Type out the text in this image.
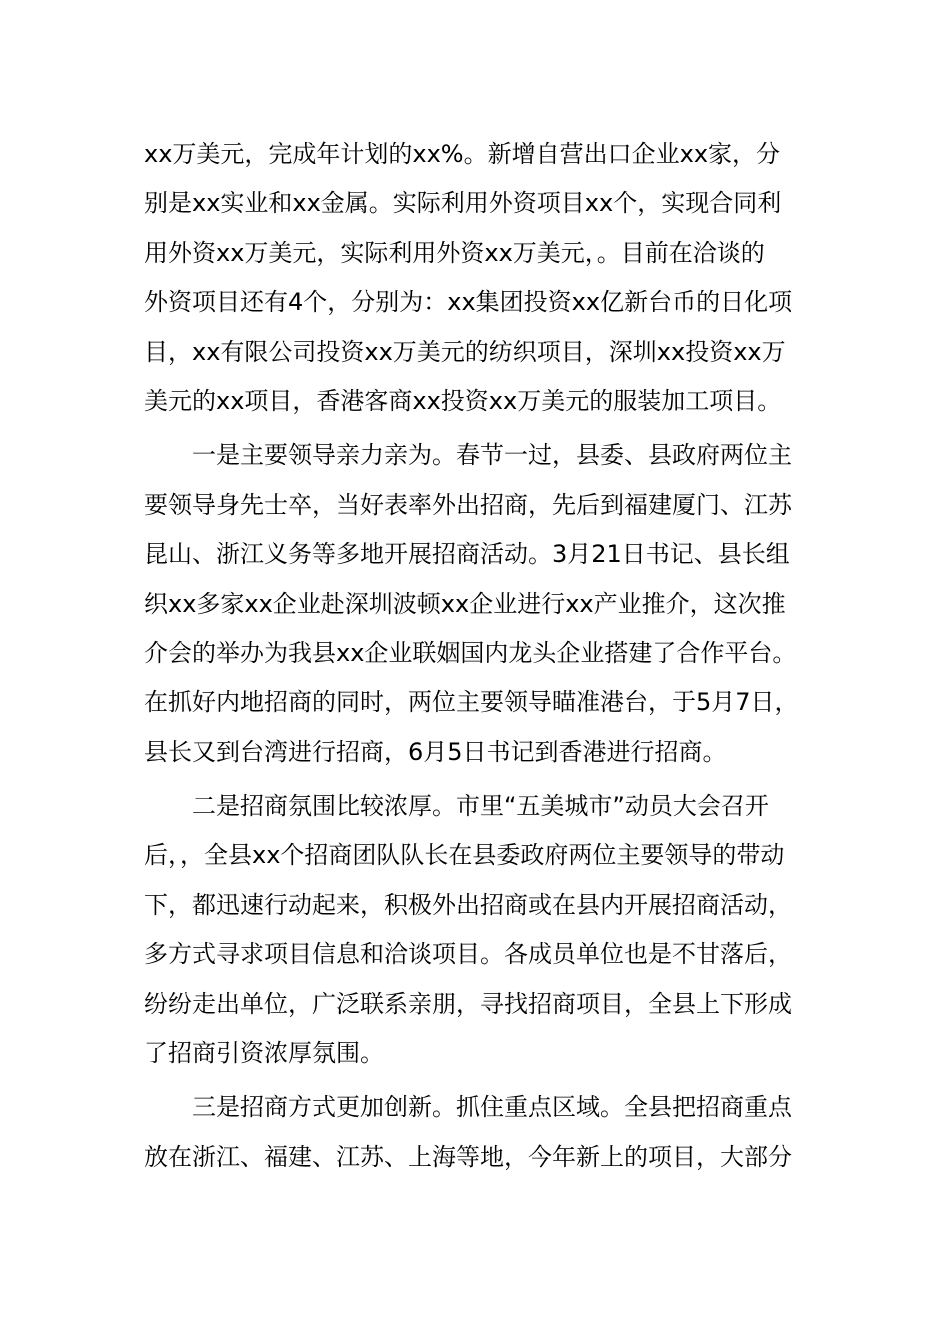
xx万美元，完成年计划的xx%。新增自营出口企业xx家，分
别是xx实业和xx金属。实际利用外资项目xx个，实现合同利
用外资xx万美元，实际利用外资xx万美元，。目前在洽谈的
外资项目还有4个，分别为：xx集团投资xx亿新台币的日化项
目，xx有限公司投资xx万美元的纺织项目，深圳xx投资xx万
美元的xx项目，香港客商xx投资xx万美元的服装加工项目。
一是主要领导亲力亲为。春节一过，县委、县政府两位主
要领导身先士卒，当好表率外出招商，先后到福建厦门、江苏
昆山、浙江义务等多地开展招商活动。3月21日书记、县长组
织xx多家xx企业赴深圳波顿xx企业进行xx产业推介，这次推
介会的举办为我县xx企业联姻国内龙头企业搭建了合作平台。
在抓好内地招商的同时，两位主要领导瞄准港台，于5月7日，
县长又到台湾进行招商，6月5日书记到香港进行招商。
二是招商氛围比较浓厚。市里“五美城市”动员大会召开
后，，全县xx个招商团队队长在县委政府两位主要领导的带动
下，都迅速行动起来，积极外出招商或在县内开展招商活动，
多方式寻求项目信息和洽谈项目。各成员单位也是不甘落后，
纷纷走出单位，广泛联系亲朋，寻找招商项目，全县上下形成
了招商引资浓厚氛围。
三是招商方式更加创新。抓住重点区域。全县把招商重点
放在浙江、福建、江苏、上海等地，今年新上的项目，大部分
